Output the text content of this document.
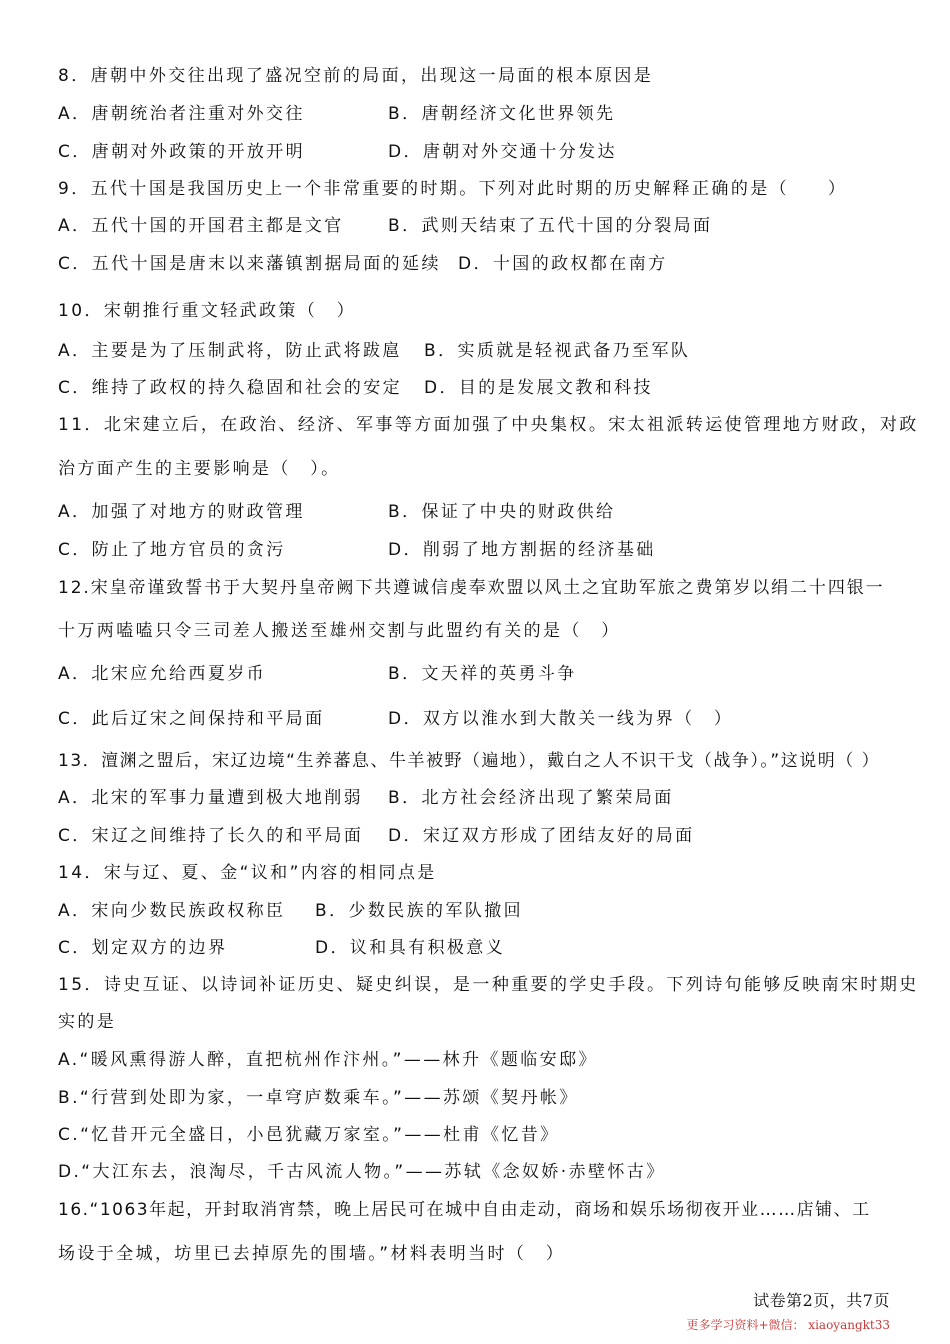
8．唐朝中外交往出现了盛况空前的局面，出现这一局面的根本原因是
A．唐朝统治者注重对外交往	B．唐朝经济文化世界领先
C．唐朝对外政策的开放开明	D．唐朝对外交通十分发达
9．五代十国是我国历史上一个非常重要的时期。下列对此时期的历史解释正确的是（　　）
A．五代十国的开国君主都是文官	B．武则天结束了五代十国的分裂局面
C．五代十国是唐末以来藩镇割据局面的延续 D．十国的政权都在南方
10．宋朝推行重文轻武政策（　）
A．主要是为了压制武将，防止武将跋扈 B．实质就是轻视武备乃至军队
C．维持了政权的持久稳固和社会的安定 D．目的是发展文教和科技
11．北宋建立后，在政治、经济、军事等方面加强了中央集权。宋太祖派转运使管理地方财政，对政
治方面产生的主要影响是（　）。
A．加强了对地方的财政管理	B．保证了中央的财政供给
C．防止了地方官员的贪污	D．削弱了地方割据的经济基础
12.宋皇帝谨致誓书于大契丹皇帝阙下共遵诚信虔奉欢盟以风土之宜助军旅之费第岁以绢二十四银一
十万两嗑嗑只令三司差人搬送至雄州交割与此盟约有关的是（　）
A．北宋应允给西夏岁币	B．文天祥的英勇斗争
C．此后辽宋之间保持和平局面	D．双方以淮水到大散关一线为界（　）
13．澶渊之盟后，宋辽边境“生养蕃息、牛羊被野（遍地），戴白之人不识干戈（战争）。”这说明（ ）
A．北宋的军事力量遭到极大地削弱 B．北方社会经济出现了繁荣局面
C．宋辽之间维持了长久的和平局面 D．宋辽双方形成了团结友好的局面
14．宋与辽、夏、金“议和”内容的相同点是
A．宋向少数民族政权称臣 B．少数民族的军队撤回
C．划定双方的边界	D．议和具有积极意义
15．诗史互证、以诗词补证历史、疑史纠误，是一种重要的学史手段。下列诗句能够反映南宋时期史
实的是
A.“暖风熏得游人醉，直把杭州作汴州。”——林升《题临安邸》
B.“行营到处即为家，一卓穹庐数乘车。”——苏颂《契丹帐》
C.“忆昔开元全盛日，小邑犹藏万家室。”——杜甫《忆昔》
D.“大江东去，浪淘尽，千古风流人物。”——苏轼《念奴娇·赤壁怀古》
16.“1063年起，开封取消宵禁，晚上居民可在城中自由走动，商场和娱乐场彻夜开业……店铺、工
场设于全城，坊里已去掉原先的围墙。”材料表明当时（　）
试卷第2页，共7页
更多学习资料+微信： xiaoyangkt33
